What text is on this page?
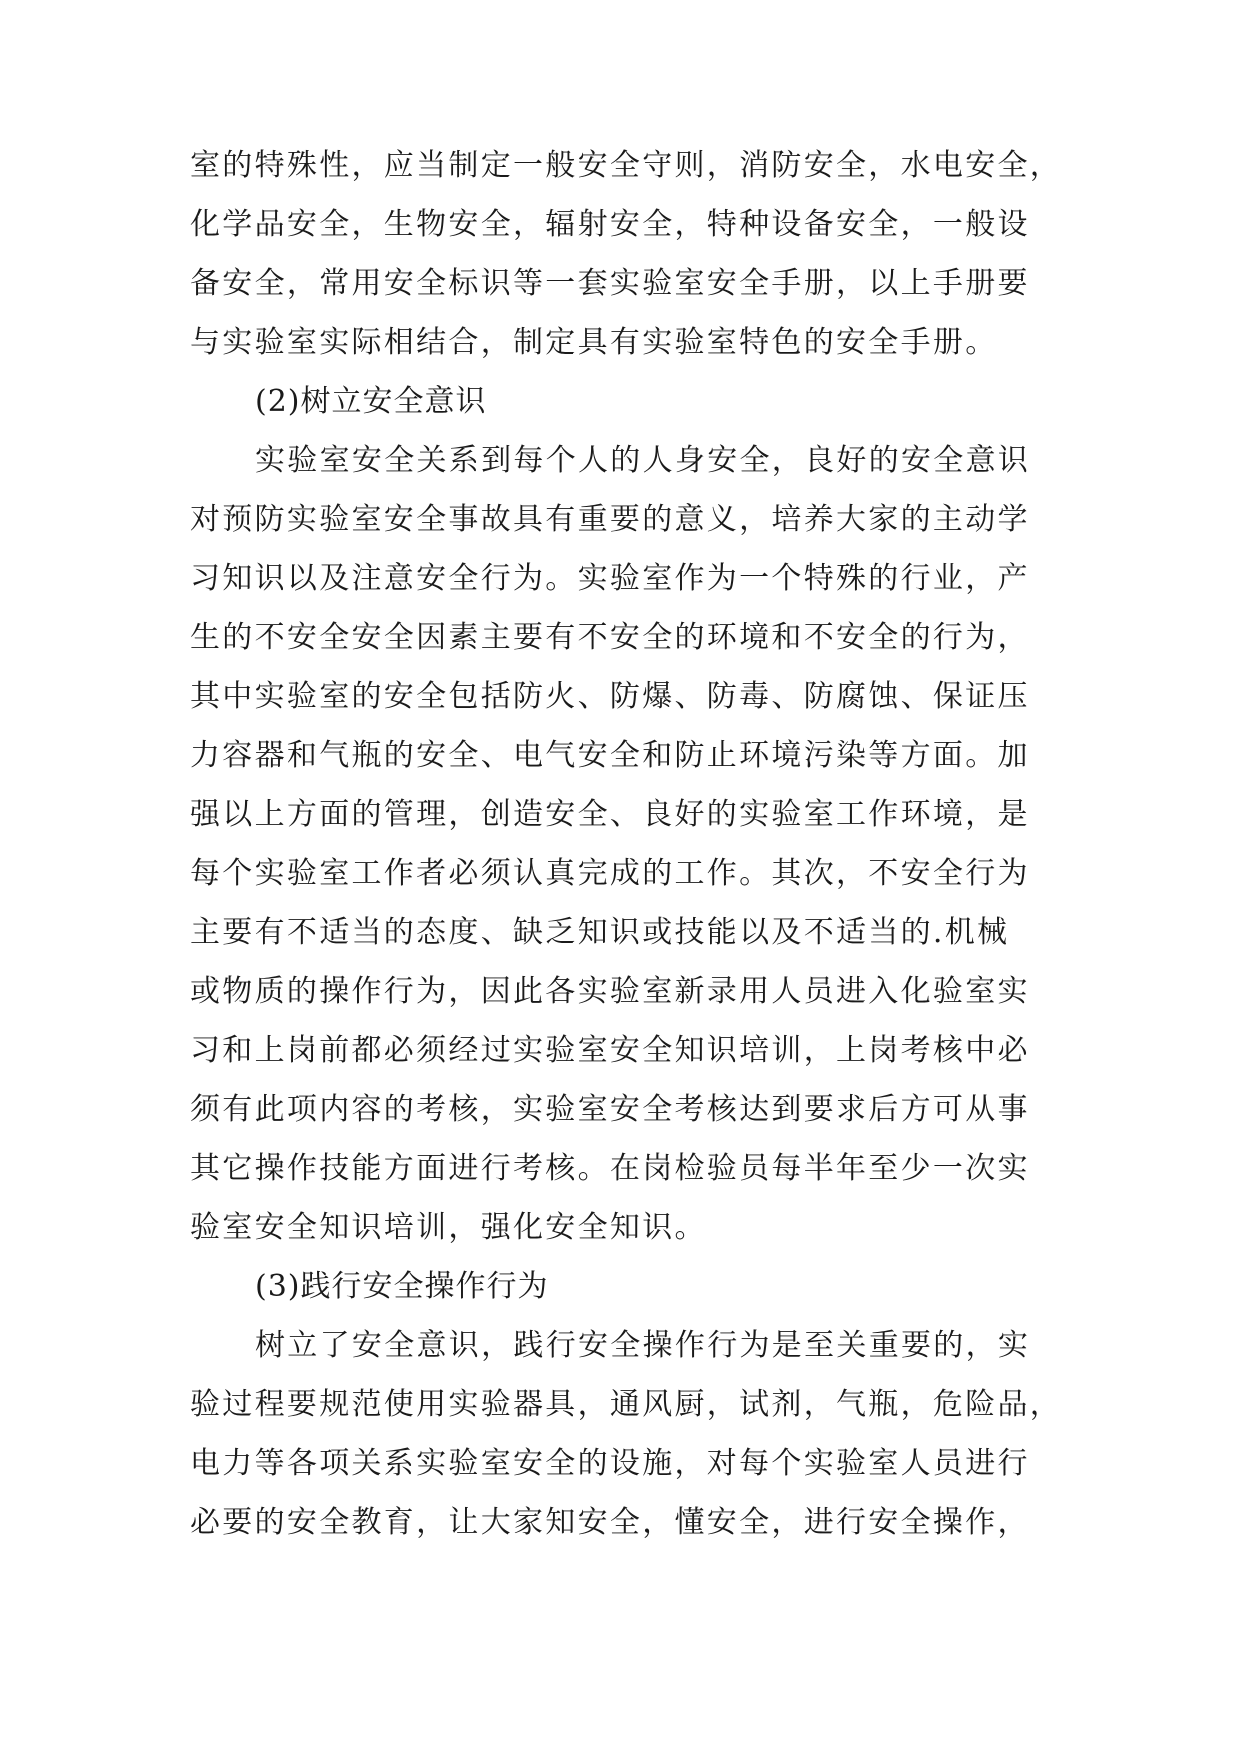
室的特殊性，应当制定一般安全守则，消防安全，水电安全，
化学品安全，生物安全，辐射安全，特种设备安全，一般设
备安全，常用安全标识等一套实验室安全手册，以上手册要
与实验室实际相结合，制定具有实验室特色的安全手册。
(2)树立安全意识
实验室安全关系到每个人的人身安全，良好的安全意识
对预防实验室安全事故具有重要的意义，培养大家的主动学
习知识以及注意安全行为。实验室作为一个特殊的行业，产
生的不安全安全因素主要有不安全的环境和不安全的行为，
其中实验室的安全包括防火、防爆、防毒、防腐蚀、保证压
力容器和气瓶的安全、电气安全和防止环境污染等方面。加
强以上方面的管理，创造安全、良好的实验室工作环境，是
每个实验室工作者必须认真完成的工作。其次，不安全行为
主要有不适当的态度、缺乏知识或技能以及不适当的.机械
或物质的操作行为，因此各实验室新录用人员进入化验室实
习和上岗前都必须经过实验室安全知识培训，上岗考核中必
须有此项内容的考核，实验室安全考核达到要求后方可从事
其它操作技能方面进行考核。在岗检验员每半年至少一次实
验室安全知识培训，强化安全知识。
(3)践行安全操作行为
树立了安全意识，践行安全操作行为是至关重要的，实
验过程要规范使用实验器具，通风厨，试剂，气瓶，危险品，
电力等各项关系实验室安全的设施，对每个实验室人员进行
必要的安全教育，让大家知安全，懂安全，进行安全操作，
